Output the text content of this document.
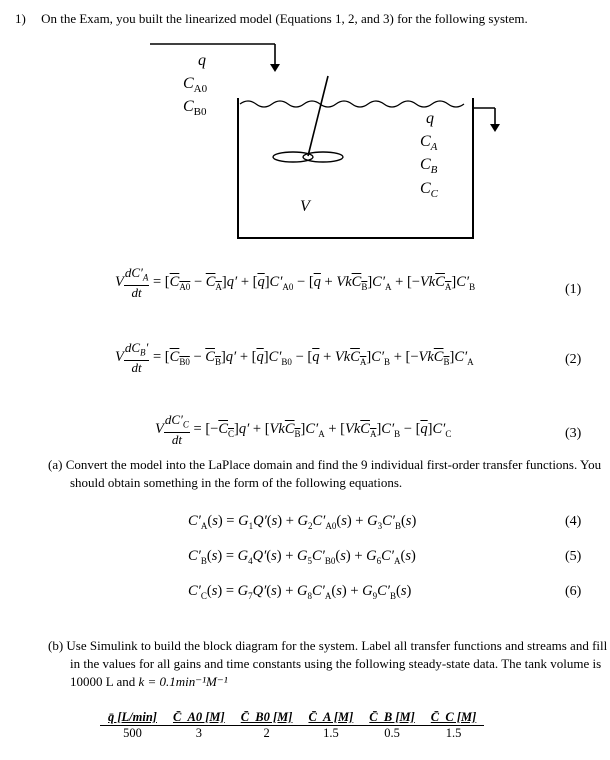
1) On the Exam, you built the linearized model (Equations 1, 2, and 3) for the following system.
q
$C_{A0}$
$C_{B0}$	q
$C_A$
$C_B$
$C_C$
V
V $\frac{dC'_A}{dt} = [C_{A0} - C_A]q' + [\overline{q}]C'_{A0} - [\overline{q} + VkC_B]C'_A + [-VkC_A]C'_B$	(1)
V $\frac{dC_B'}{dt} = [C_{B0} - C_B]q' + [\overline{q}]C'_{B0} - [\overline{q} + VkC_A]C'_B + [-VkC_B]C'_A$	(2)
V $\frac{dC'_C}{dt} = [-C_C]q' + [VkC_B]C'_A + [VkC_A]C'_B - [\overline{q}]C'_C$	(3)
(a) Convert the model into the LaPlace domain and find the 9 individual first-order transfer functions. You should obtain something in the form of the following equations.
$C'_A(s) = G_1Q'(s) + G_2C'_{A0}(s) + G_3C'_B(s)$	(4)
$C'_B(s) = G_4Q'(s) + G_5C'_{B0}(s) + G_6C'_A(s)$	(5)
$C'_C(s) = G_7Q'(s) + G_8C'_A(s) + G_9C'_B(s)$	(6)
(b) Use Simulink to build the block diagram for the system. Label all transfer functions and streams and fill in the values for all gains and time constants using the following steady-state data. The tank volume is 10000 L and k = 0.1min⁻¹M⁻¹
q̄ [L/min]	C̄_A0 [M]	C̄_B0 [M]	C̄_A [M]	C̄_B [M]	C̄_C [M]
500	3	2	1.5	0.5	1.5
